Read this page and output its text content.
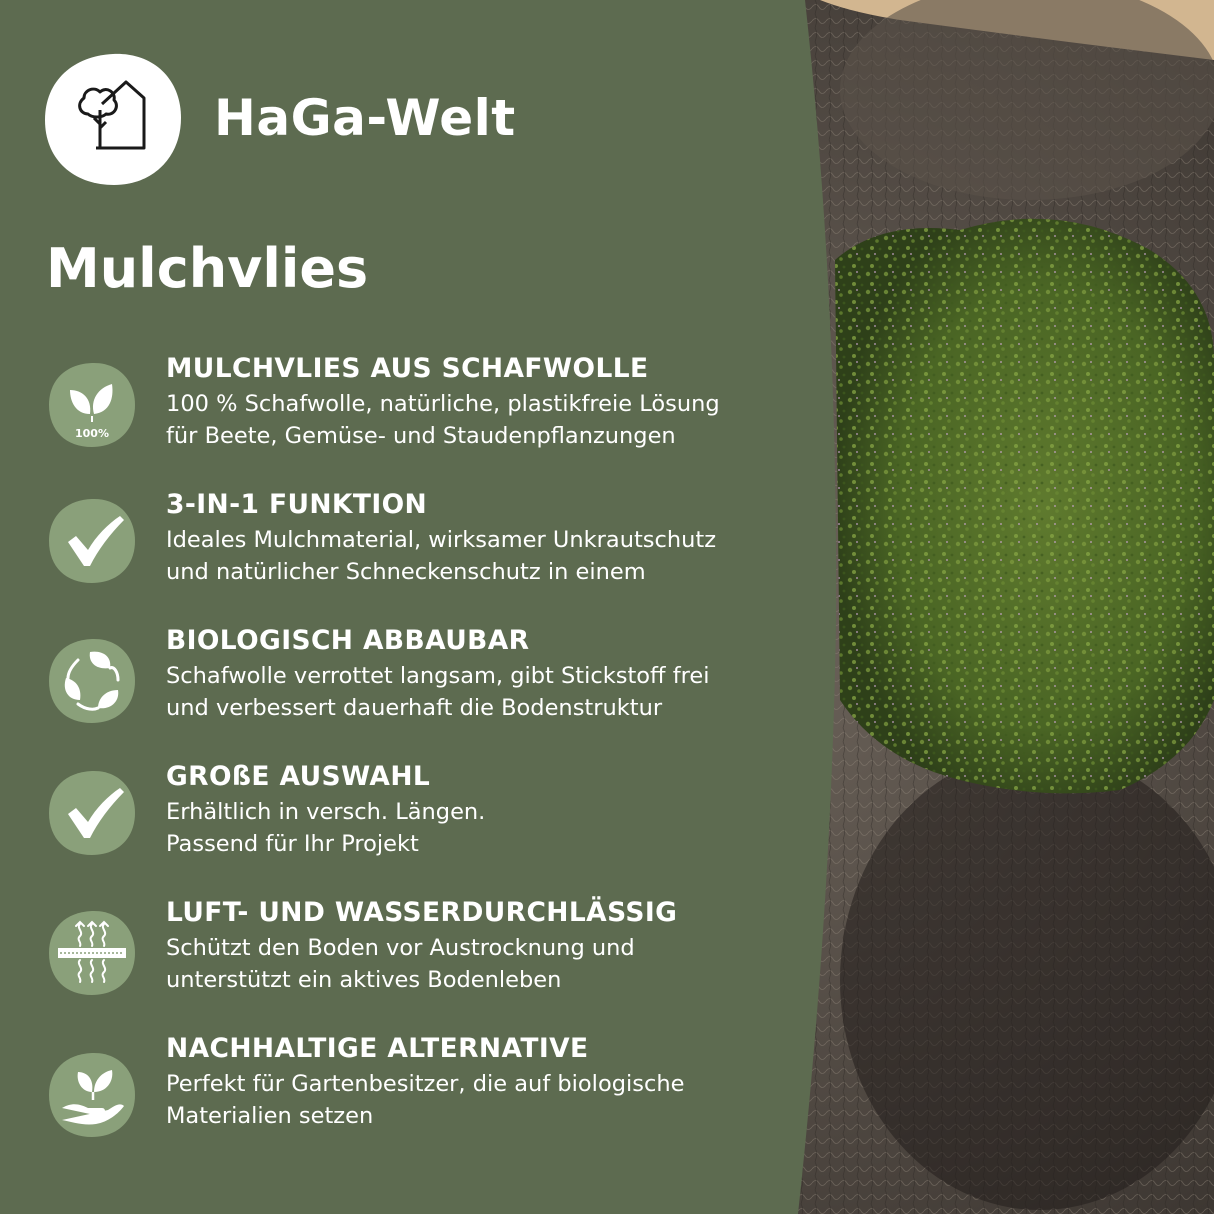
HaGa-Welt
Mulchvlies
100%
MULCHVLIES AUS SCHAFWOLLE
100 % Schafwolle, natürliche, plastikfreie Lösung
für Beete, Gemüse- und Staudenpflanzungen
3-IN-1 FUNKTION
Ideales Mulchmaterial, wirksamer Unkrautschutz
und natürlicher Schneckenschutz in einem
BIOLOGISCH ABBAUBAR
Schafwolle verrottet langsam, gibt Stickstoff frei
und verbessert dauerhaft die Bodenstruktur
GROßE AUSWAHL
Erhältlich in versch. Längen.
Passend für Ihr Projekt
LUFT- UND WASSERDURCHLÄSSIG
Schützt den Boden vor Austrocknung und
unterstützt ein aktives Bodenleben
NACHHALTIGE ALTERNATIVE
Perfekt für Gartenbesitzer, die auf biologische
Materialien setzen
